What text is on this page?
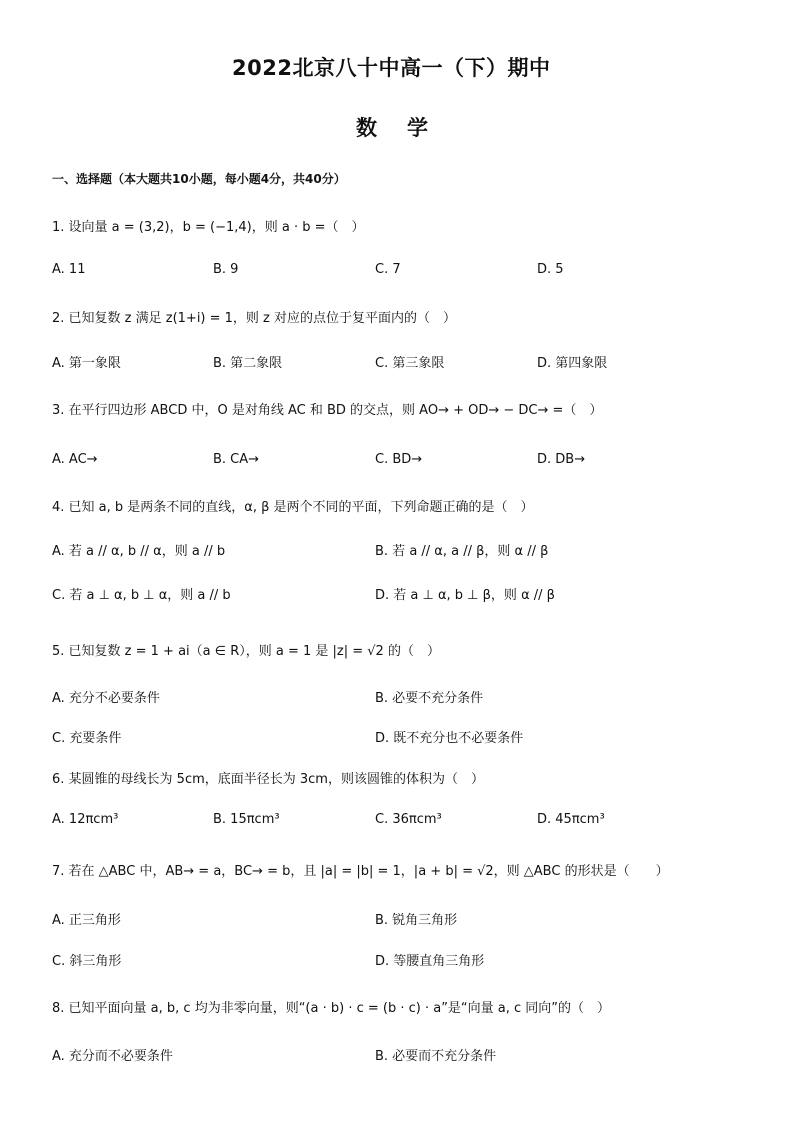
2022北京八十中高一（下）期中
数学
一、选择题（本大题共10小题，每小题4分，共40分）
1. 设向量 a = (3,2)，b = (−1,4)，则 a · b =（　）
A. 11	B. 9	C. 7	D. 5
2. 已知复数 z 满足 z(1+i) = 1，则 z 对应的点位于复平面内的（　）
A. 第一象限	B. 第二象限	C. 第三象限	D. 第四象限
3. 在平行四边形 ABCD 中，O 是对角线 AC 和 BD 的交点，则 AO→ + OD→ − DC→ =（　）
A. AC→	B. CA→	C. BD→	D. DB→
4. 已知 a, b 是两条不同的直线，α, β 是两个不同的平面，下列命题正确的是（　）
A. 若 a // α, b // α，则 a // b	B. 若 a // α, a // β，则 α // β
C. 若 a ⊥ α, b ⊥ α，则 a // b	D. 若 a ⊥ α, b ⊥ β，则 α // β
5. 已知复数 z = 1 + ai（a ∈ R），则 a = 1 是 |z| = √2 的（　）
A. 充分不必要条件	B. 必要不充分条件
C. 充要条件	D. 既不充分也不必要条件
6. 某圆锥的母线长为 5cm，底面半径长为 3cm，则该圆锥的体积为（　）
A. 12πcm³	B. 15πcm³	C. 36πcm³	D. 45πcm³
7. 若在 △ABC 中，AB→ = a，BC→ = b，且 |a| = |b| = 1，|a + b| = √2，则 △ABC 的形状是（　　）
A. 正三角形	B. 锐角三角形
C. 斜三角形	D. 等腰直角三角形
8. 已知平面向量 a, b, c 均为非零向量，则“(a · b) · c = (b · c) · a”是“向量 a, c 同向”的（　）
A. 充分而不必要条件	B. 必要而不充分条件
